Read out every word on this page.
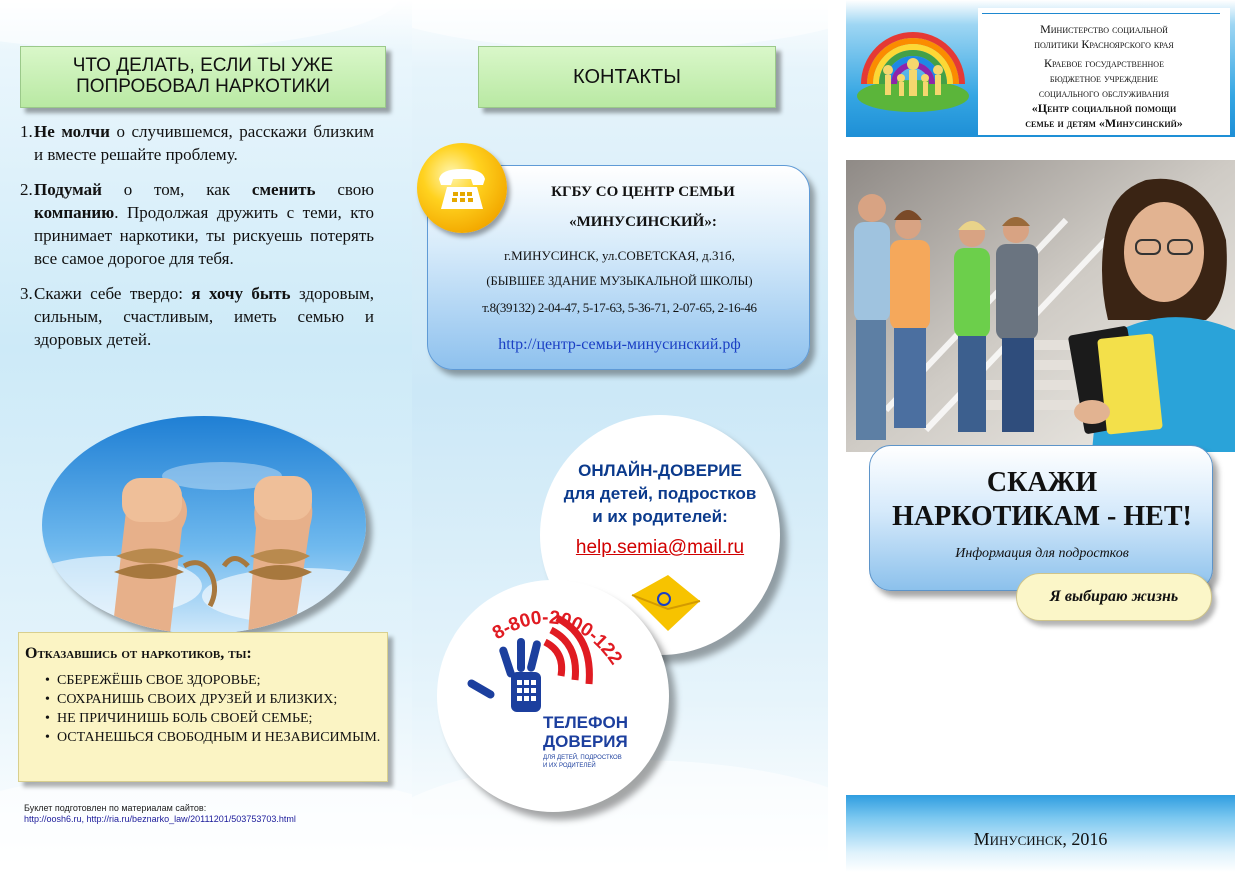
ЧТО ДЕЛАТЬ, ЕСЛИ ТЫ УЖЕ ПОПРОБОВАЛ НАРКОТИКИ
1. Не молчи о случившемся, расскажи близким и вместе решайте проблему.
2. Подумай о том, как сменить свою компанию. Продолжая дружить с теми, кто принимает наркотики, ты рискуешь потерять все самое дорогое для тебя.
3. Скажи себе твердо: я хочу быть здоровым, сильным, счастливым, иметь семью и здоровых детей.
Отказавшись от наркотиков, ты:
• СБЕРЕЖЁШЬ СВОЕ ЗДОРОВЬЕ;
• СОХРАНИШЬ СВОИХ ДРУЗЕЙ И БЛИЗКИХ;
• НЕ ПРИЧИНИШЬ БОЛЬ СВОЕЙ СЕМЬЕ;
• ОСТАНЕШЬСЯ СВОБОДНЫМ И НЕЗАВИСИМЫМ.
Буклет подготовлен по материалам сайтов:
http://oosh6.ru, http://ria.ru/beznarko_law/20111201/503753703.html
КОНТАКТЫ
КГБУ СО ЦЕНТР СЕМЬИ
«МИНУСИНСКИЙ»:
г.МИНУСИНСК, ул.СОВЕТСКАЯ, д.31б,
(БЫВШЕЕ ЗДАНИЕ МУЗЫКАЛЬНОЙ ШКОЛЫ)
т.8(39132) 2-04-47, 5-17-63, 5-36-71, 2-07-65, 2-16-46
http://центр-семьи-минусинский.рф
ОНЛАЙН-ДОВЕРИЕ
для детей, подростков
и их родителей:
help.semia@mail.ru
8-800-2000-122
ТЕЛЕФОН
ДОВЕРИЯ
ДЛЯ ДЕТЕЙ, ПОДРОСТКОВ
И ИХ РОДИТЕЛЕЙ
Министерство социальной
политики Красноярского края
Краевое государственное
бюджетное учреждение
социального обслуживания
«Центр социальной помощи
семье и детям «Минусинский»
СКАЖИ
НАРКОТИКАМ - НЕТ!
Информация для подростков
Я выбираю жизнь
Минусинск, 2016
